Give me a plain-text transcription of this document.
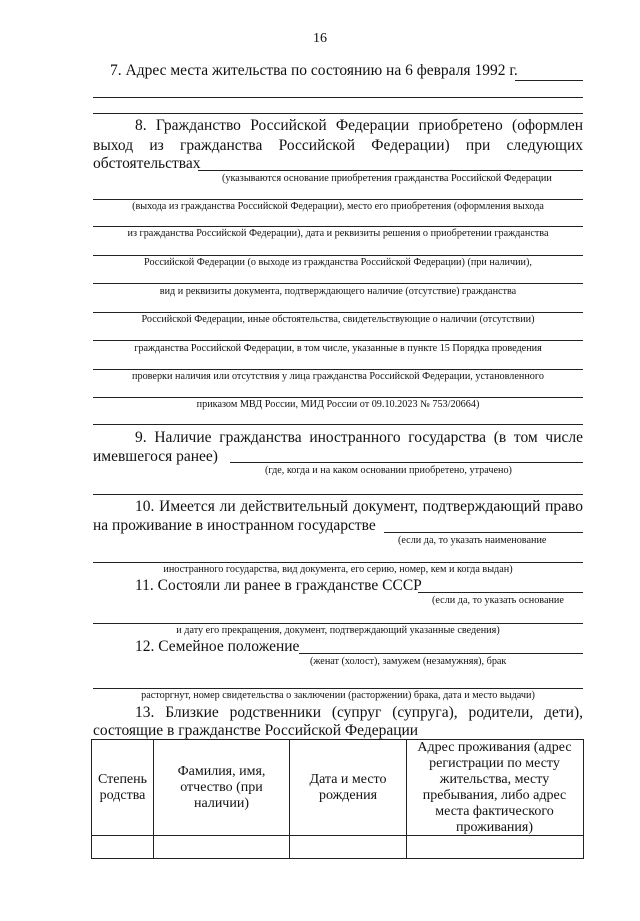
16
7. Адрес места жительства по состоянию на 6 февраля 1992 г.
8. Гражданство Российской Федерации приобретено (оформлен
выход из гражданства Российской Федерации) при следующих
обстоятельствах
(указываются основание приобретения гражданства Российской Федерации
(выхода из гражданства Российской Федерации), место его приобретения (оформления выхода
из гражданства Российской Федерации), дата и реквизиты решения о приобретении гражданства
Российской Федерации (о выходе из гражданства Российской Федерации) (при наличии),
вид и реквизиты документа, подтверждающего наличие (отсутствие) гражданства
Российской Федерации, иные обстоятельства, свидетельствующие о наличии (отсутствии)
гражданства Российской Федерации, в том числе, указанные в пункте 15 Порядка проведения
проверки наличия или отсутствия у лица гражданства Российской Федерации, установленного
приказом МВД России, МИД России от 09.10.2023 № 753/20664)
9. Наличие гражданства иностранного государства (в том числе
имевшегося ранее)
(где, когда и на каком основании приобретено, утрачено)
10. Имеется ли действительный документ, подтверждающий право
на проживание в иностранном государстве
(если да, то указать наименование
иностранного государства, вид документа, его серию, номер, кем и когда выдан)
11. Состояли ли ранее в гражданстве СССР
(если да, то указать основание
и дату его прекращения, документ, подтверждающий указанные сведения)
12. Семейное положение
(женат (холост), замужем (незамужняя), брак
расторгнут, номер свидетельства о заключении (расторжении) брака, дата и место выдачи)
13. Близкие родственники (супруг (супруга), родители, дети),
состоящие в гражданстве Российской Федерации
Степень родства
Фамилия, имя, отчество (при наличии)
Дата и место рождения
Адрес проживания (адрес регистрации по месту жительства, месту пребывания, либо адрес места фактического проживания)
